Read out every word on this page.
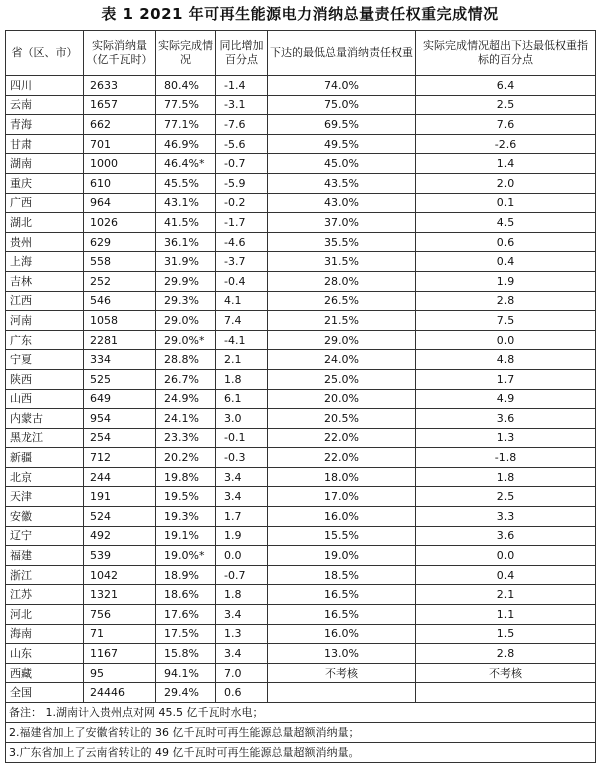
表 1 2021 年可再生能源电力消纳总量责任权重完成情况
省（区、市）	实际消纳量（亿千瓦时）	实际完成情况	同比增加百分点	下达的最低总量消纳责任权重	实际完成情况超出下达最低权重指标的百分点
四川	2633	80.4%	-1.4	74.0%	6.4
云南	1657	77.5%	-3.1	75.0%	2.5
青海	662	77.1%	-7.6	69.5%	7.6
甘肃	701	46.9%	-5.6	49.5%	-2.6
湖南	1000	46.4%*	-0.7	45.0%	1.4
重庆	610	45.5%	-5.9	43.5%	2.0
广西	964	43.1%	-0.2	43.0%	0.1
湖北	1026	41.5%	-1.7	37.0%	4.5
贵州	629	36.1%	-4.6	35.5%	0.6
上海	558	31.9%	-3.7	31.5%	0.4
吉林	252	29.9%	-0.4	28.0%	1.9
江西	546	29.3%	4.1	26.5%	2.8
河南	1058	29.0%	7.4	21.5%	7.5
广东	2281	29.0%*	-4.1	29.0%	0.0
宁夏	334	28.8%	2.1	24.0%	4.8
陕西	525	26.7%	1.8	25.0%	1.7
山西	649	24.9%	6.1	20.0%	4.9
内蒙古	954	24.1%	3.0	20.5%	3.6
黑龙江	254	23.3%	-0.1	22.0%	1.3
新疆	712	20.2%	-0.3	22.0%	-1.8
北京	244	19.8%	3.4	18.0%	1.8
天津	191	19.5%	3.4	17.0%	2.5
安徽	524	19.3%	1.7	16.0%	3.3
辽宁	492	19.1%	1.9	15.5%	3.6
福建	539	19.0%*	0.0	19.0%	0.0
浙江	1042	18.9%	-0.7	18.5%	0.4
江苏	1321	18.6%	1.8	16.5%	2.1
河北	756	17.6%	3.4	16.5%	1.1
海南	71	17.5%	1.3	16.0%	1.5
山东	1167	15.8%	3.4	13.0%	2.8
西藏	95	94.1%	7.0	不考核	不考核
全国	24446	29.4%	0.6		
备注： 1.湖南计入贵州点对网 45.5 亿千瓦时水电；					
2.福建省加上了安徽省转让的 36 亿千瓦时可再生能源总量超额消纳量；					
3.广东省加上了云南省转让的 49 亿千瓦时可再生能源总量超额消纳量。					
